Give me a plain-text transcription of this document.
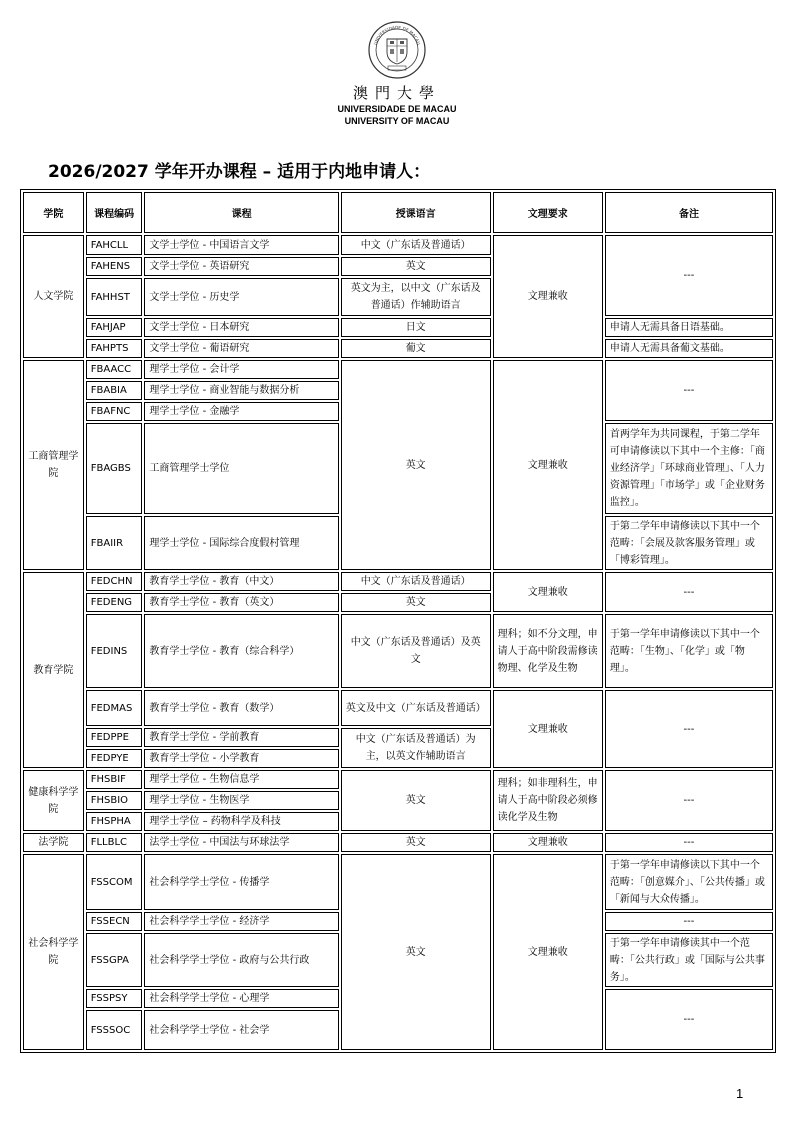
UNIVERSIDADE DE MACAU
澳門大學
UNIVERSIDADE DE MACAU
UNIVERSITY OF MACAU
2026/2027 学年开办课程 – 适用于内地申请人：
学院	课程编码	课程	授课语言	文理要求	备注
人文学院	FAHCLL	文学士学位 - 中国语言文学	中文（广东话及普通话）	文理兼收	---
	FAHENS	文学士学位 - 英语研究	英文		
	FAHHST	文学士学位 - 历史学	英文为主，以中文（广东话及普通话）作辅助语言		
	FAHJAP	文学士学位 - 日本研究	日文		申请人无需具备日语基础。
	FAHPTS	文学士学位 - 葡语研究	葡文		申请人无需具备葡文基础。
工商管理学院	FBAACC	理学士学位 - 会计学	英文	文理兼收	---
	FBABIA	理学士学位 - 商业智能与数据分析			
	FBAFNC	理学士学位 - 金融学			
	FBAGBS	工商管理学士学位			首两学年为共同课程，于第二学年可申请修读以下其中一个主修：「商业经济学」「环球商业管理」、「人力资源管理」「市场学」或「企业财务监控」。
	FBAIIR	理学士学位 - 国际综合度假村管理			于第二学年申请修读以下其中一个范畴：「会展及款客服务管理」或「博彩管理」。
教育学院	FEDCHN	教育学士学位 - 教育（中文）	中文（广东话及普通话）	文理兼收	---
	FEDENG	教育学士学位 - 教育（英文）	英文		
	FEDINS	教育学士学位 - 教育（综合科学）	中文（广东话及普通话）及英文	理科；如不分文理，申请人于高中阶段需修读物理、化学及生物	于第一学年申请修读以下其中一个范畴：「生物」、「化学」或「物理」。
	FEDMAS	教育学士学位 - 教育（数学）	英文及中文（广东话及普通话）	文理兼收	---
	FEDPPE	教育学士学位 - 学前教育	中文（广东话及普通话）为主，以英文作辅助语言		
	FEDPYE	教育学士学位 - 小学教育			
健康科学学院	FHSBIF	理学士学位 - 生物信息学	英文	理科；如非理科生，申请人于高中阶段必须修读化学及生物	---
	FHSBIO	理学士学位 - 生物医学			
	FHSPHA	理学士学位 – 药物科学及科技			
法学院	FLLBLC	法学士学位 - 中国法与环球法学	英文	文理兼收	---
社会科学学院	FSSCOM	社会科学学士学位 - 传播学	英文	文理兼收	于第一学年申请修读以下其中一个范畴：「创意媒介」、「公共传播」或「新闻与大众传播」。
	FSSECN	社会科学学士学位 - 经济学			---
	FSSGPA	社会科学学士学位 - 政府与公共行政			于第一学年申请修读其中一个范畴：「公共行政」或「国际与公共事务」。
	FSSPSY	社会科学学士学位 - 心理学			---
	FSSSOC	社会科学学士学位 - 社会学			
1
